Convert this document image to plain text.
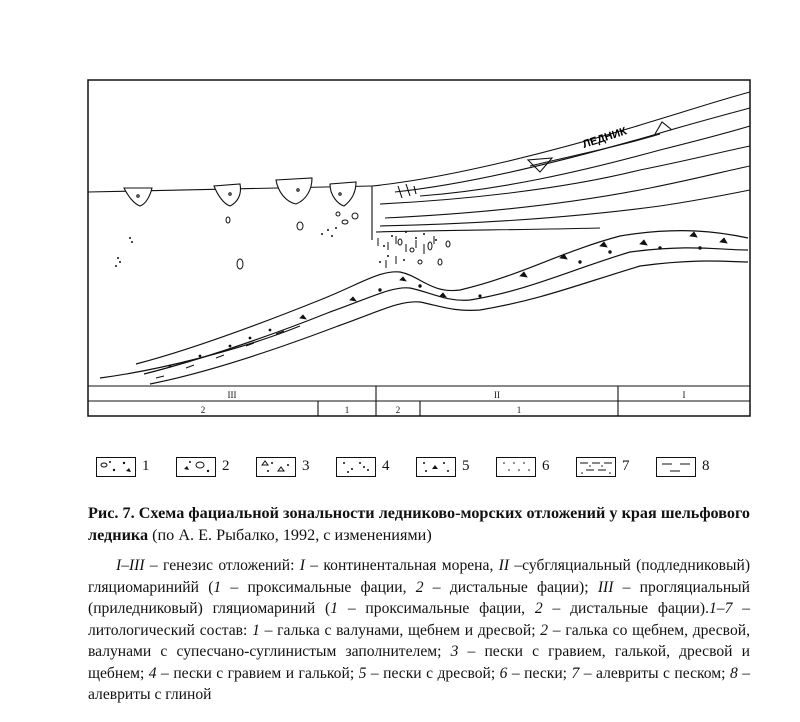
ЛЕДНИК
III	II	I
2	1	2	1
1	2	3	4	5	6	7	8

Рис. 7. Схема фациальной зональности ледниково-морских отложений у края шельфового ледника (по А. Е. Рыбалко, 1992, с изменениями)

I–III – генезис отложений: I – континентальная морена, II –субгляциальный (подледниковый) гляциомаринийй (1 – проксимальные фации, 2 – дистальные фации); III – прогляциальный (приледниковый) гляциомариний (1 – проксимальные фации, 2 – дистальные фации).1–7 – литологический состав: 1 – галька с валунами, щебнем и дресвой; 2 – галька со щебнем, дресвой, валунами с супесчано-суглинистым заполнителем; 3 – пески с гравием, галькой, дресвой и щебнем; 4 – пески с гравием и галькой; 5 – пески с дресвой; 6 – пески; 7 – алевриты с песком; 8 – алевриты с глиной
